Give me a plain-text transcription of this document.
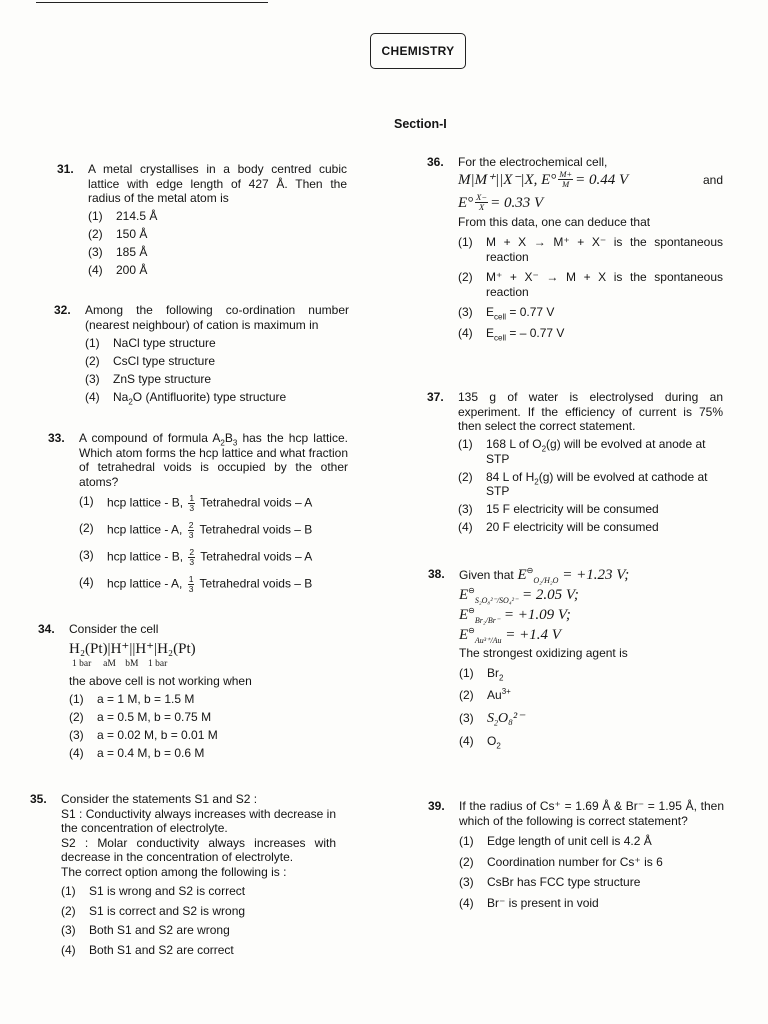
CHEMISTRY
Section-I
31. A metal crystallises in a body centred cubic lattice with edge length of 427 Å. Then the radius of the metal atom is

(1) 214.5 Å
(2) 150 Å
(3) 185 Å
(4) 200 Å
32. Among the following co-ordination number (nearest neighbour) of cation is maximum in

(1) NaCl type structure
(2) CsCl type structure
(3) ZnS type structure
(4) $Na_2O$ (Antifluorite) type structure
33. A compound of formula $A_2B_3$ has the hcp lattice. Which atom forms the hcp lattice and what fraction of tetrahedral voids is occupied by the other atoms?

(1) hcp lattice - B, $\frac{1}{3}$ Tetrahedral voids – A
(2) hcp lattice - A, $\frac{2}{3}$ Tetrahedral voids – B
(3) hcp lattice - B, $\frac{2}{3}$ Tetrahedral voids – A
(4) hcp lattice - A, $\frac{1}{3}$ Tetrahedral voids – B
34. Consider the cell

H₂(Pt)|H⁺||H⁺|H₂(Pt)
1 bar     aM    bM    1 bar

the above cell is not working when

(1) a = 1 M, b = 1.5 M
(2) a = 0.5 M, b = 0.75 M
(3) a = 0.02 M, b = 0.01 M
(4) a = 0.4 M, b = 0.6 M
35. Consider the statements S1 and S2 :

S1 : Conductivity always increases with decrease in the concentration of electrolyte.

S2 : Molar conductivity always increases with decrease in the concentration of electrolyte.

The correct option among the following is :

(1) S1 is wrong and S2 is correct
(2) S1 is correct and S2 is wrong
(3) Both S1 and S2 are wrong
(4) Both S1 and S2 are correct
36. For the electrochemical cell,

M|M⁺||X⁻|X, $E^\circ \frac{M+}{M} = 0.44$ V	and
$E^\circ \frac{X-}{X} = 0.33$ V

From this data, one can deduce that

(1) M + X → M⁺ + X⁻ is the spontaneous reaction
(2) M⁺ + X⁻ → M + X is the spontaneous reaction
(3) $E_{cell} = 0.77$ V
(4) $E_{cell}$ = – 0.77 V
37. 135 g of water is electrolysed during an experiment. If the efficiency of current is 75% then select the correct statement.

(1) 168 L of $O_2(g)$ will be evolved at anode at STP
(2) 84 L of $H_2(g)$ will be evolved at cathode at STP
(3) 15 F electricity will be consumed
(4) 20 F electricity will be consumed
38. Given that $E^⊖_{O_2/H_2O} = +1.23$ V;
$E^⊖_{S_2O_8^{2-}/SO_4^{2-}} = 2.05$ V;
$E^⊖_{Br_2/Br^-} = +1.09$ V;
$E^⊖_{Au^{3+}/Au} = +1.4$ V

The strongest oxidizing agent is

(1) $Br_2$
(2) $Au^{3+}$
(3) $S_2O_8^{2-}$
(4) $O_2$
39. If the radius of Cs⁺ = 1.69 Å & Br⁻ = 1.95 Å, then which of the following is correct statement?

(1) Edge length of unit cell is 4.2 Å
(2) Coordination number for Cs⁺ is 6
(3) CsBr has FCC type structure
(4) Br⁻ is present in void
